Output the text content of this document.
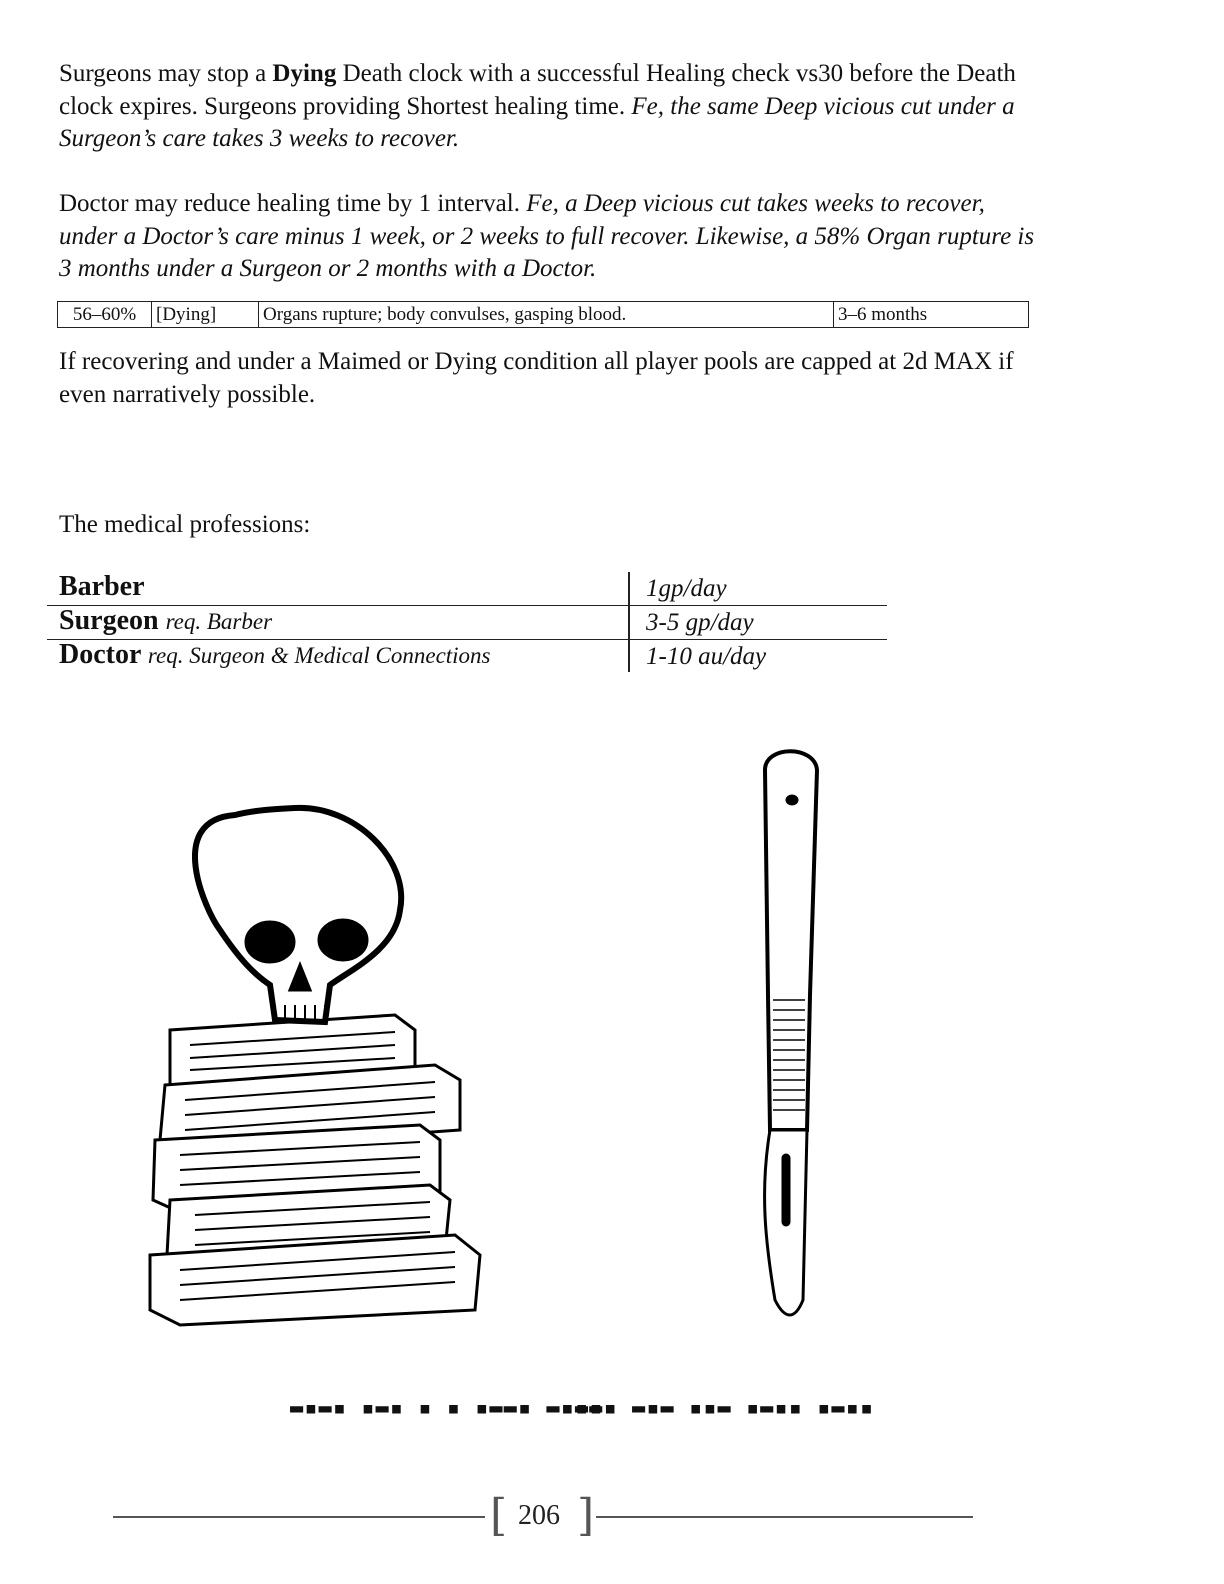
Surgeons may stop a Dying Death clock with a successful Healing check vs30 before the Death clock expires. Surgeons providing Shortest healing time. Fe, the same Deep vicious cut under a Surgeon’s care takes 3 weeks to recover.

Doctor may reduce healing time by 1 interval. Fe, a Deep vicious cut takes weeks to recover, under a Doctor’s care minus 1 week, or 2 weeks to full recover. Likewise, a 58% Organ rupture is 3 months under a Surgeon or 2 months with a Doctor.

56–60%	[Dying]	Organs rupture; body convulses, gasping blood.	3–6 months

If recovering and under a Maimed or Dying condition all player pools are capped at 2d MAX if even narratively possible.

The medical professions:

Barber	1gp/day
Surgeon req. Barber	3-5 gp/day
Doctor req. Surgeon & Medical Connections	1-10 au/day
▬▪▬▪ ▪▬▪ ▪ ▪ ▪▬▬▪ ▬▪▬▬
▪▪▪ ▬▪▬ ▪▪▬ ▪▬▪▪ ▪▬▪▪
[ 206 ]
